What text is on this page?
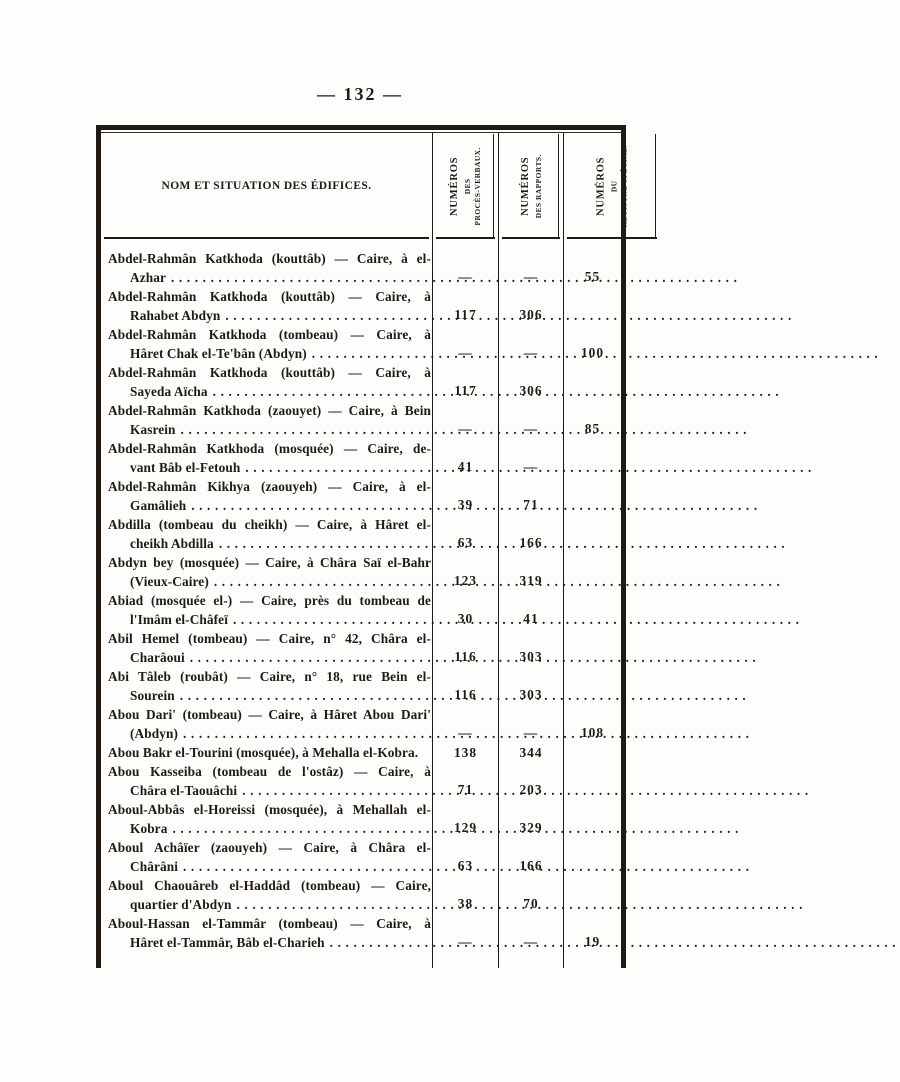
— 132 —
NOM ET SITUATION DES ÉDIFICES.	NUMÉROS DES PROCÈS-VERBAUX.	NUMÉROS DES RAPPORTS.	NUMÉROS DU REGISTRE SPÉCIAL.
Abdel-Rahmân Katkhoda (kouttâb) — Caire, à el-
Azhar .....	—	—	55
Abdel-Rahmân Katkhoda (kouttâb) — Caire, à
Rahabet Abdyn .....	117	306
Abdel-Rahmân Katkhoda (tombeau) — Caire, à
Hâret Chak el-Te'bân (Abdyn) .....	—	—	100
Abdel-Rahmân Katkhoda (kouttâb) — Caire, à
Sayeda Aïcha .....	117	306
Abdel-Rahmân Katkhoda (zaouyet) — Caire, à Bein
Kasrein .....	—	—	85
Abdel-Rahmân Katkhoda (mosquée) — Caire, de-
vant Bâb el-Fetouh .....	41	—
Abdel-Rahmân Kikhya (zaouyeh) — Caire, à el-
Gamâlieh .....	39	71
Abdilla (tombeau du cheikh) — Caire, à Hâret el-
cheikh Abdilla .....	63	166
Abdyn bey (mosquée) — Caire, à Châra Saï el-Bahr
(Vieux-Caire) .....	123	319
Abiad (mosquée el-) — Caire, près du tombeau de
l'Imâm el-Châfeï .....	30	41
Abil Hemel (tombeau) — Caire, n° 42, Châra el-
Charâoui .....	116	303
Abi Tâleb (roubât) — Caire, n° 18, rue Bein el-
Sourein .....	116	303
Abou Dari' (tombeau) — Caire, à Hâret Abou Dari'
(Abdyn) .....	—	—	108
Abou Bakr el-Tourini (mosquée), à Mehalla el-Kobra.	138	344
Abou Kasseiba (tombeau de l'ostâz) — Caire, à
Châra el-Taouâchi .....	71	203
Aboul-Abbâs el-Horeissi (mosquée), à Mehallah el-
Kobra .....	129	329
Aboul Achâïer (zaouyeh) — Caire, à Châra el-
Chârâni .....	63	166
Aboul Chaouâreb el-Haddâd (tombeau) — Caire,
quartier d'Abdyn .....	38	70
Aboul-Hassan el-Tammâr (tombeau) — Caire, à
Hâret el-Tammâr, Bâb el-Charieh .....	—	—	19
